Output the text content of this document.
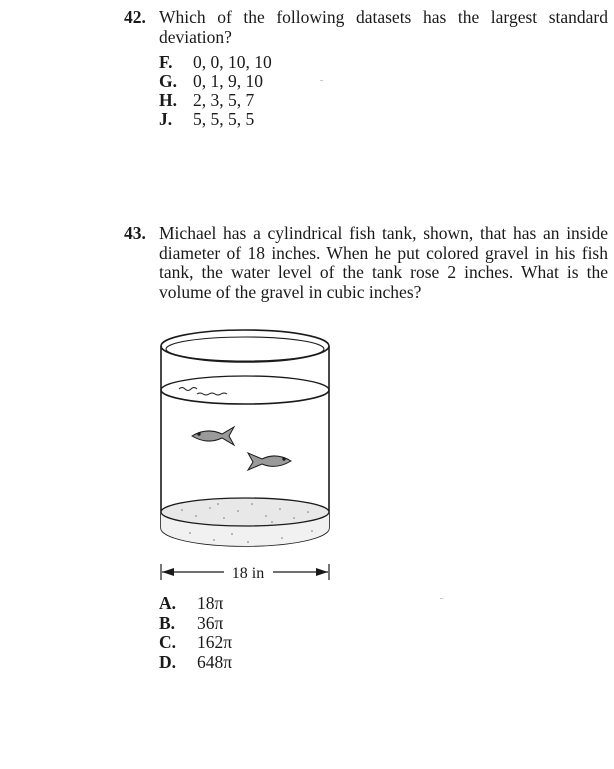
42. Which of the following datasets has the largest standard deviation?
F.	0, 0, 10, 10
G. 0, 1, 9, 10
H. 2, 3, 5, 7
J.	5, 5, 5, 5
43. Michael has a cylindrical fish tank, shown, that has an inside diameter of 18 inches. When he put colored gravel in his fish tank, the water level of the tank rose 2 inches. What is the volume of the gravel in cubic inches?
18 in
A.	18π
B.	36π
C.	162π
D.	648π
